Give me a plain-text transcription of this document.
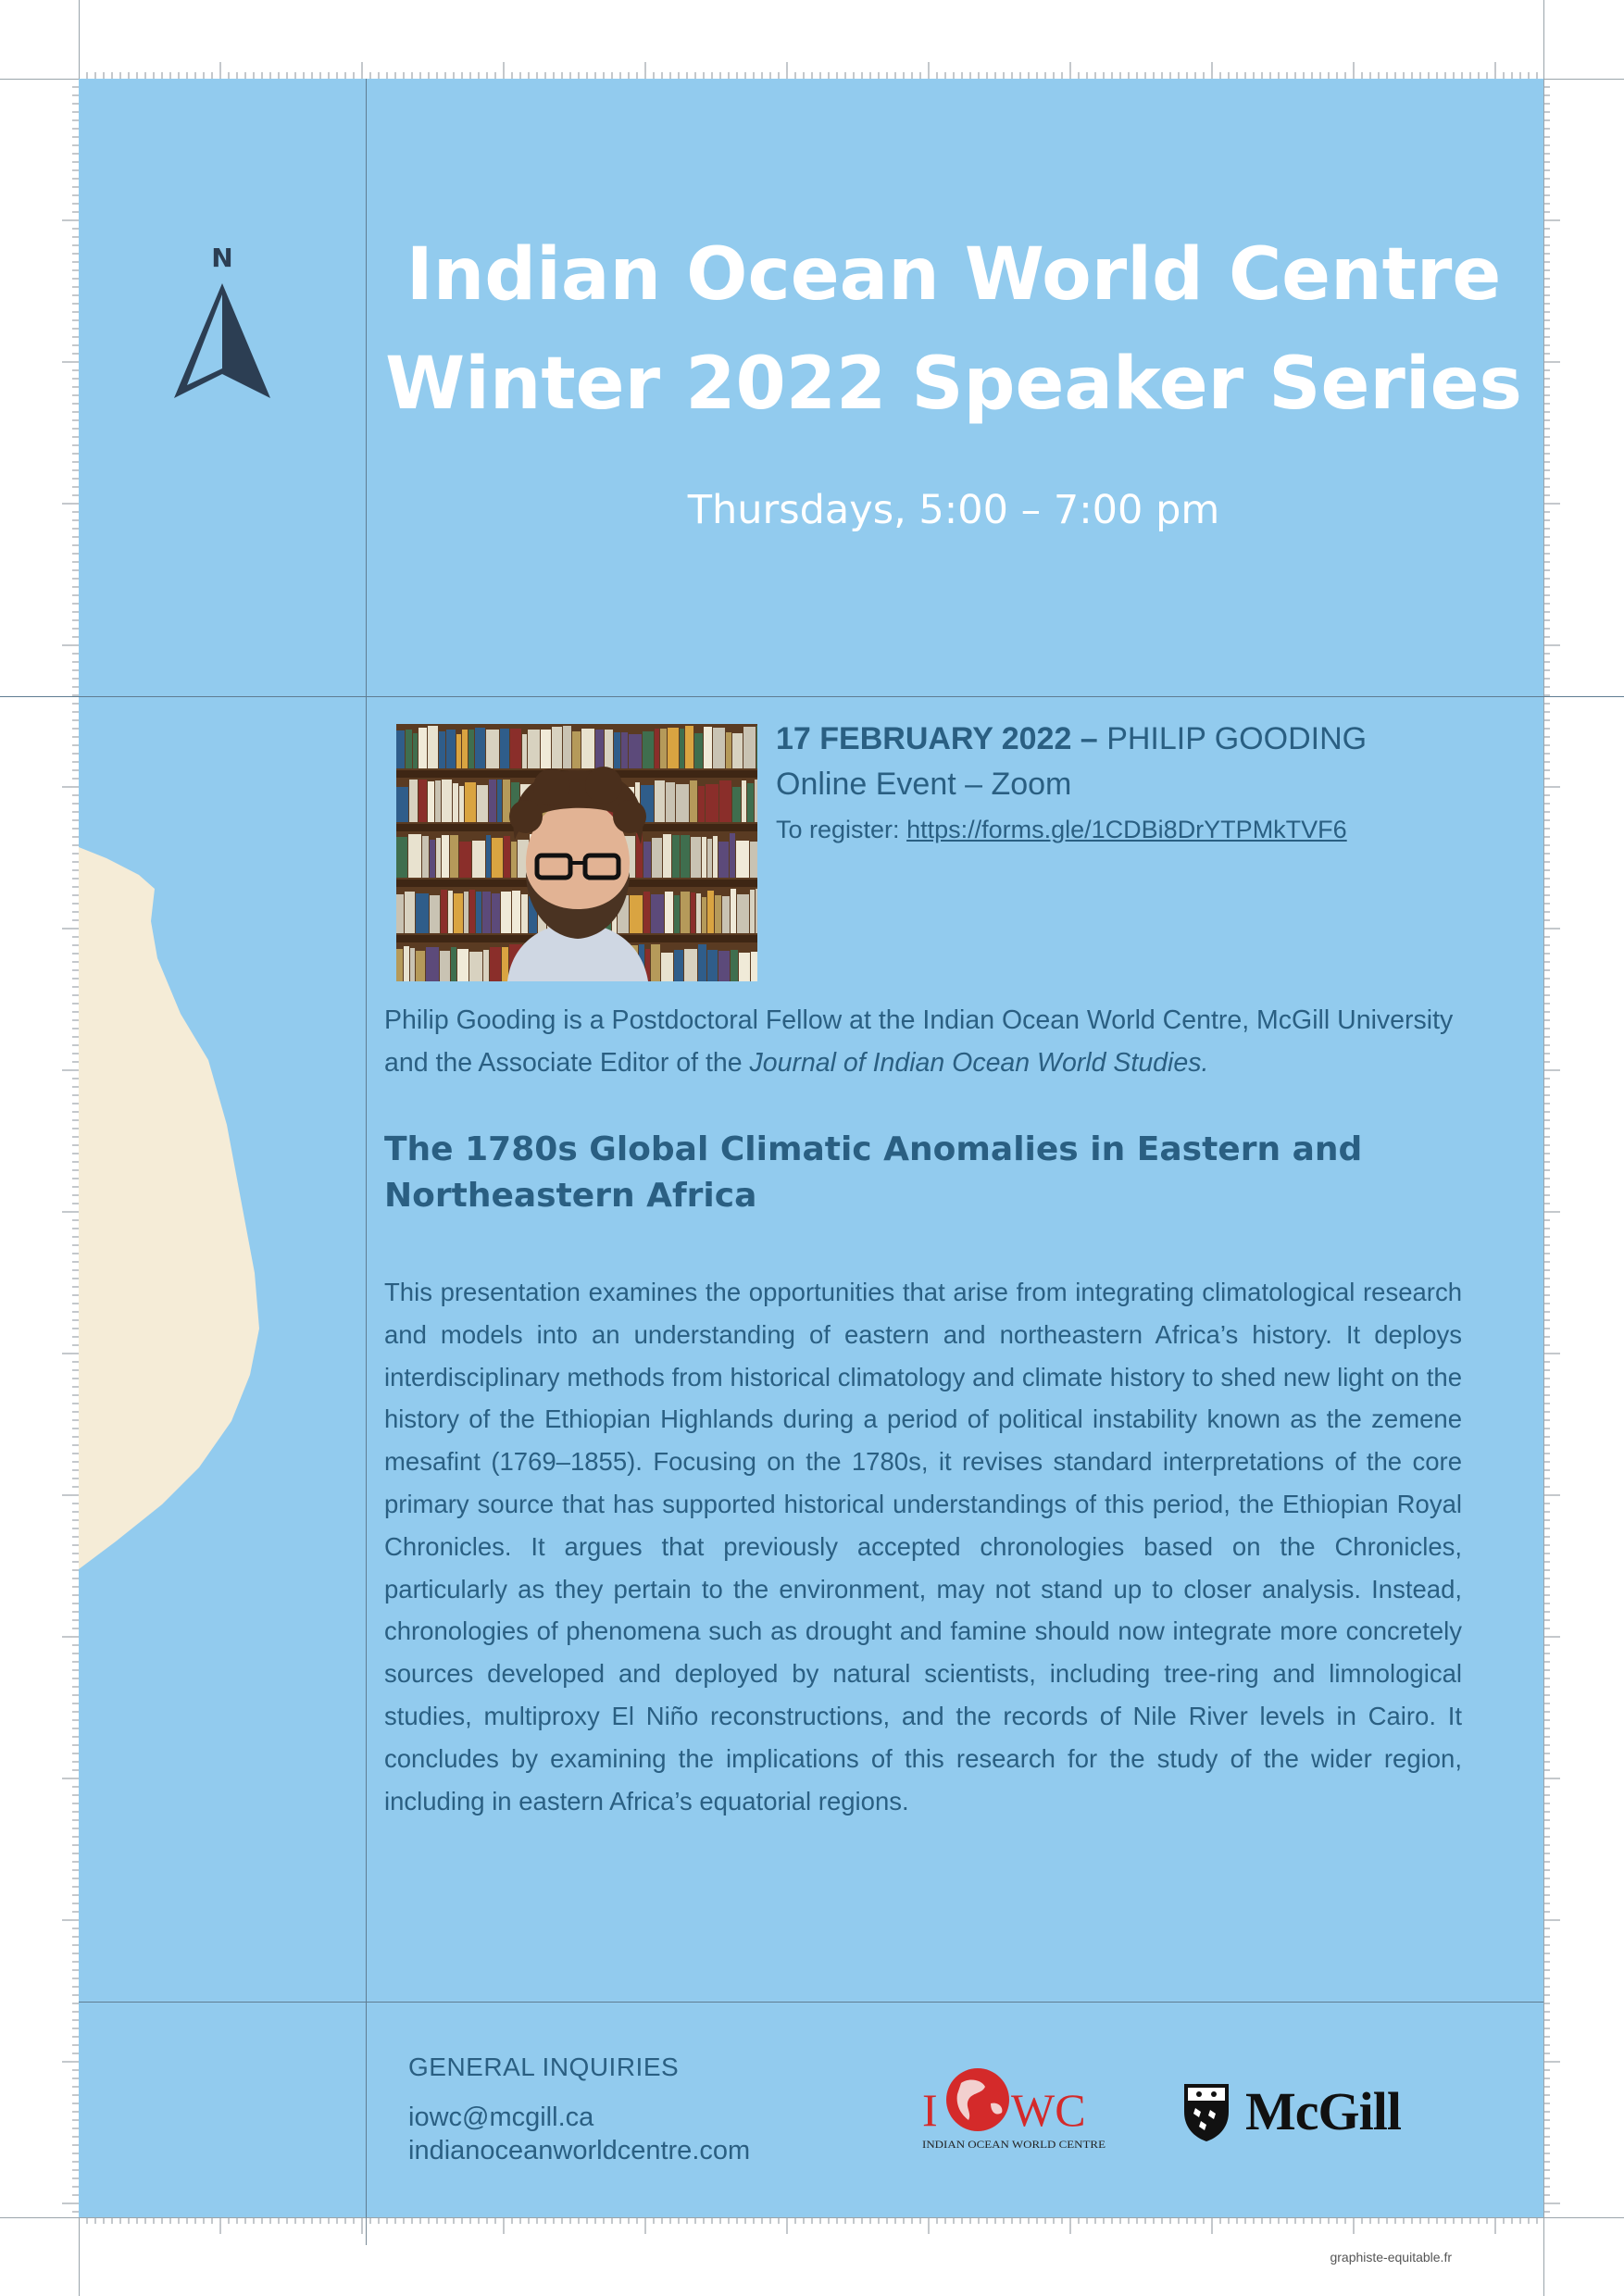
N	Indian Ocean World Centre
Winter 2022 Speaker Series
Thursdays, 5:00 – 7:00 pm
17 FEBRUARY 2022 – PHILIP GOODING
Online Event – Zoom
To register: https://forms.gle/1CDBi8DrYTPMkTVF6
Philip Gooding is a Postdoctoral Fellow at the Indian Ocean World Centre, McGill University and the Associate Editor of the Journal of Indian Ocean World Studies.
The 1780s Global Climatic Anomalies in Eastern and Northeastern Africa

This presentation examines the opportunities that arise from integrating climatological research and models into an understanding of eastern and northeastern Africa’s history. It deploys interdisciplinary methods from historical climatology and climate history to shed new light on the history of the Ethiopian Highlands during a period of political instability known as the zemene mesafint (1769–1855). Focusing on the 1780s, it revises standard interpretations of the core primary source that has supported historical understandings of this period, the Ethiopian Royal Chronicles. It argues that previously accepted chronologies based on the Chronicles, particularly as they pertain to the environment, may not stand up to closer analysis. Instead, chronologies of phenomena such as drought and famine should now integrate more concretely sources developed and deployed by natural scientists, including tree-ring and limnological studies, multiproxy El Niño reconstructions, and the records of Nile River levels in Cairo. It concludes by examining the implications of this research for the study of the wider region, including in eastern Africa’s equatorial regions.

GENERAL INQUIRIES
iowc@mcgill.ca
indianoceanworldcentre.com
I WC
INDIAN OCEAN WORLD CENTRE
McGill
graphiste-equitable.fr
